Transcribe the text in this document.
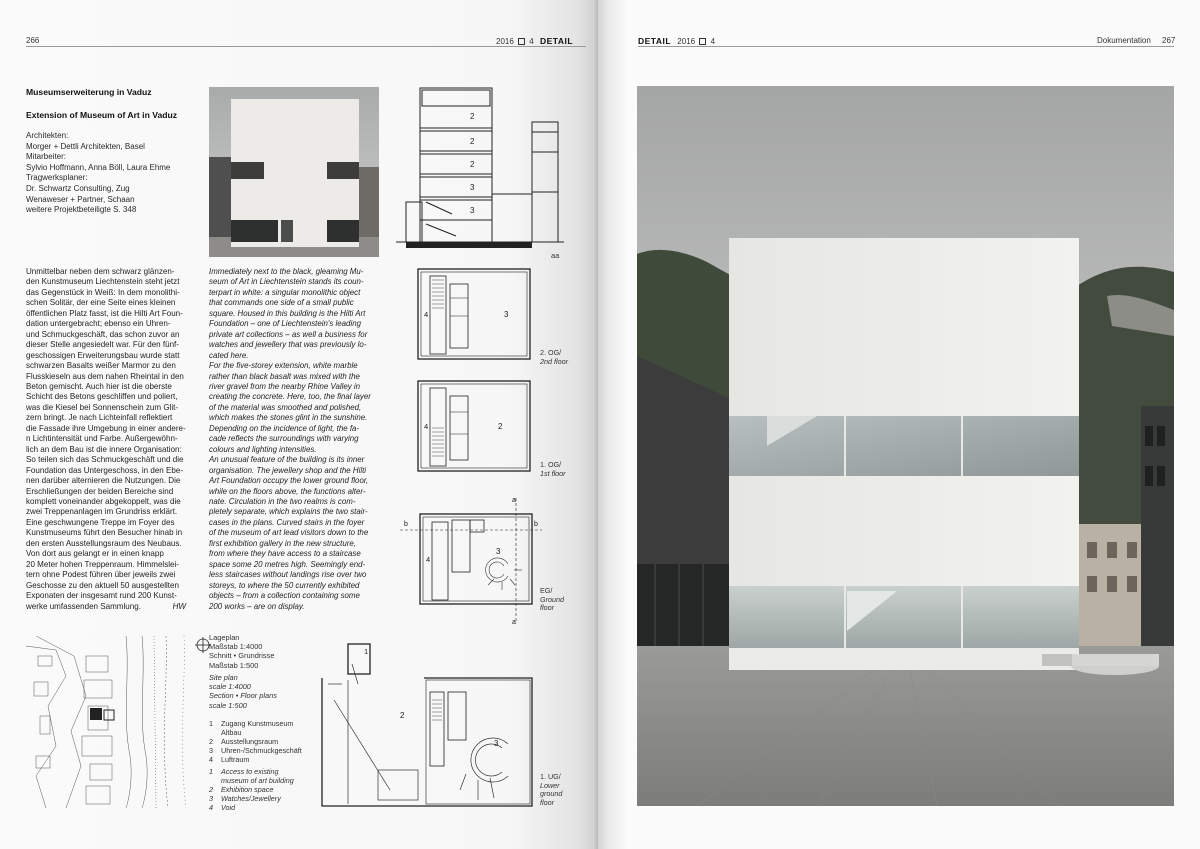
266	2016 4 DETAIL
Museumserweiterung in Vaduz
Extension of Museum of Art in Vaduz
Architekten:
Morger + Dettli Architekten, Basel
Mitarbeiter:
Sylvio Hoffmann, Anna Böll, Laura Ehme
Tragwerksplaner:
Dr. Schwartz Consulting, Zug
Wenaweser + Partner, Schaan
weitere Projektbeteiligte S. 348
2
2
2
3
3
aa
Unmittelbar neben dem schwarz glänzen-
den Kunstmuseum Liechtenstein steht jetzt
das Gegenstück in Weiß: In dem monolithi-
schen Solitär, der eine Seite eines kleinen
öffentlichen Platz fasst, ist die Hilti Art Foun-
dation untergebracht; ebenso ein Uhren-
und Schmuckgeschäft, das schon zuvor an
dieser Stelle angesiedelt war. Für den fünf-
geschossigen Erweiterungsbau wurde statt
schwarzen Basalts weißer Marmor zu den
Flusskieseln aus dem nahen Rheintal in den
Beton gemischt. Auch hier ist die oberste
Schicht des Betons geschliffen und poliert,
was die Kiesel bei Sonnenschein zum Glit-
zern bringt. Je nach Lichteinfall reflektiert
die Fassade ihre Umgebung in einer andere-
n Lichtintensität und Farbe. Außergewöhn-
lich an dem Bau ist die innere Organisation:
So teilen sich das Schmuckgeschäft und die
Foundation das Untergeschoss, in den Ebe-
nen darüber alternieren die Nutzungen. Die
Erschließungen der beiden Bereiche sind
komplett voneinander abgekoppelt, was die
zwei Treppenanlagen im Grundriss erklärt.
Eine geschwungene Treppe im Foyer des
Kunstmuseums führt den Besucher hinab in
den ersten Ausstellungsraum des Neubaus.
Von dort aus gelangt er in einen knapp
20 Meter hohen Treppenraum. Himmelslei-
tern ohne Podest führen über jeweils zwei
Geschosse zu den aktuell 50 ausgestellten
Exponaten der insgesamt rund 200 Kunst-
werke umfassenden Sammlung.	HW
Immediately next to the black, gleaming Mu-
seum of Art in Liechtenstein stands its coun-
terpart in white: a singular monolithic object
that commands one side of a small public
square. Housed in this building is the Hilti Art
Foundation – one of Liechtenstein's leading
private art collections – as well a business for
watches and jewellery that was previously lo-
cated here.
For the five-storey extension, white marble
rather than black basalt was mixed with the
river gravel from the nearby Rhine Valley in
creating the concrete. Here, too, the final layer
of the material was smoothed and polished,
which makes the stones glint in the sunshine.
Depending on the incidence of light, the fa-
cade reflects the surroundings with varying
colours and lighting intensities.
An unusual feature of the building is its inner
organisation. The jewellery shop and the Hilti
Art Foundation occupy the lower ground floor,
while on the floors above, the functions alter-
nate. Circulation in the two realms is com-
pletely separate, which explains the two stair-
cases in the plans. Curved stairs in the foyer
of the museum of art lead visitors down to the
first exhibition gallery in the new structure,
from where they have access to a staircase
space some 20 metres high. Seemingly end-
less staircases without landings rise over two
storeys, to where the 50 currently exhibited
objects – from a collection containing some
200 works – are on display.
4	3
2. OG/
2nd floor
4	2
1. OG/
1st floor
b	b
a
a
4
3
EG/
Ground
floor
Lageplan
Maßstab 1:4000
Schnitt • Grundrisse
Maßstab 1:500
Site plan
scale 1:4000
Section • Floor plans
scale 1:500
1	Zugang Kunstmuseum
Altbau
2	Ausstellungsraum
3	Uhren-/Schmuckgeschäft
4	Luftraum
1	Access to existing
museum of art building
2	Exhibition space
3	Watches/Jewellery
4	Void
1
2
3
1. UG/
Lower
ground
floor
DETAIL 2016 4	Dokumentation 267
